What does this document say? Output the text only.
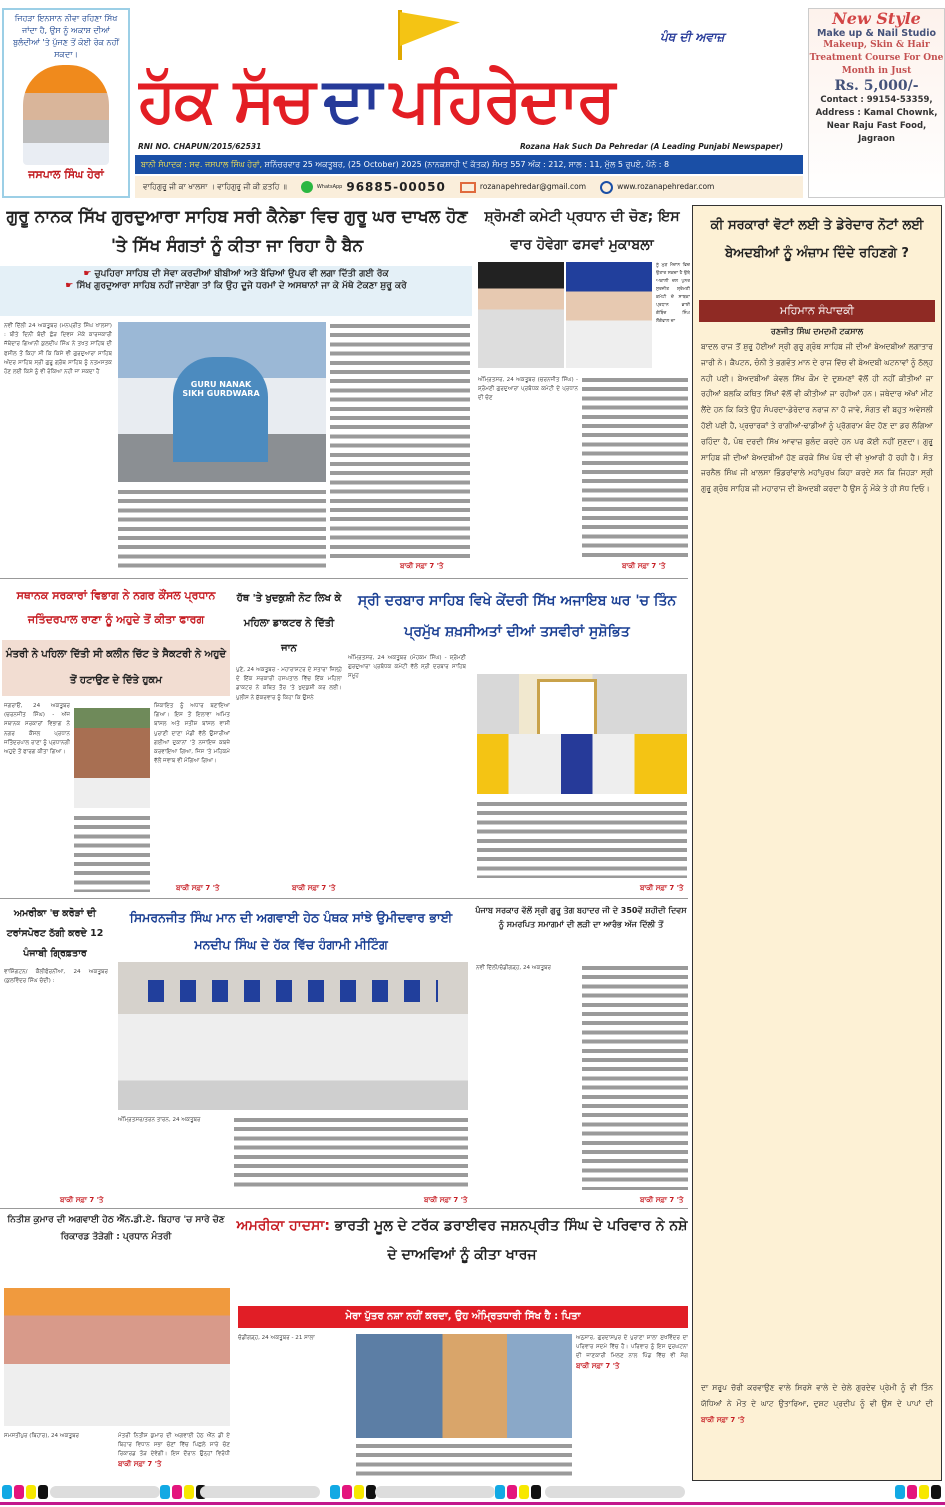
ਜਿਹੜਾ ਇਨਸਾਨ ਨੀਵਾ ਰਹਿਣਾ ਸਿੱਖ ਜਾਂਦਾ ਹੈ, ਉਸ ਨੂੰ ਅਕਾਸ਼ ਦੀਆਂ ਬੁਲੰਦੀਆਂ 'ਤੇ ਪੁੱਜਣ ਤੋਂ ਕੋਈ ਰੋਕ ਨਹੀਂ ਸਕਦਾ।
ਜਸਪਾਲ ਸਿੰਘ ਹੇਰਾਂ
ਹੱਕ ਸੱਚ ਦਾ ਪਹਿਰੇਦਾਰ
ਪੰਥ ਦੀ ਅਵਾਜ਼
RNI NO. CHAPUN/2015/62531	Rozana Hak Such Da Pehredar (A Leading Punjabi Newspaper)
ਬਾਨੀ ਸੰਪਾਦਕ : ਸਵ. ਜਸਪਾਲ ਸਿੰਘ ਹੇਰਾਂ, ਸ਼ਨਿੱਚਰਵਾਰ 25 ਅਕਤੂਬਰ, (25 October) 2025 (ਨਾਨਕਸ਼ਾਹੀ ੯ ਕੱਤਕ) ਸੰਮਤ 557 ਅੰਕ : 212, ਸਾਲ : 11, ਮੁੱਲ 5 ਰੁਪਏ, ਪੰਨੇ : 8
ਵਾਹਿਗੁਰੂ ਜੀ ਕਾ ਖਾਲਸਾ । ਵਾਹਿਗੁਰੂ ਜੀ ਕੀ ਫ਼ਤਹਿ ॥	WhatsApp 96885-00050	rozanapehredar@gmail.com	www.rozanapehredar.com
New Style
Make up & Nail Studio
Makeup, Skin & Hair Treatment Course For One Month in Just
Rs. 5,000/-
Contact : 99154-53359,
Address : Kamal Chownk, Near Raju Fast Food, Jagraon
ਗੁਰੂ ਨਾਨਕ ਸਿੱਖ ਗੁਰਦੁਆਰਾ ਸਾਹਿਬ ਸਰੀ ਕੈਨੇਡਾ ਵਿਚ ਗੁਰੂ ਘਰ ਦਾਖਲ ਹੋਣ 'ਤੇ ਸਿੱਖ ਸੰਗਤਾਂ ਨੂੰ ਕੀਤਾ ਜਾ ਰਿਹਾ ਹੈ ਬੈਨ
☛ ਚੁਪਹਿਰਾ ਸਾਹਿਬ ਦੀ ਸੇਵਾ ਕਰਦੀਆਂ ਬੀਬੀਆਂ ਅਤੇ ਬੱਚਿਆਂ ਉਪਰ ਵੀ ਲਗਾ ਦਿੱਤੀ ਗਈ ਰੋਕ
☛ ਸਿੱਖ ਗੁਰਦੁਆਰਾ ਸਾਹਿਬ ਨਹੀਂ ਜਾਏਗਾ ਤਾਂ ਕਿ ਉਹ ਦੂਜੇ ਧਰਮਾਂ ਦੇ ਅਸਥਾਨਾਂ ਜਾ ਕੇ ਮੱਥੇ ਟੇਕਣਾ ਸ਼ੁਰੂ ਕਰੇ
ਨਵੀਂ ਦਿੱਲੀ 24 ਅਕਤੂਬਰ (ਮਨਪ੍ਰੀਤ ਸਿੰਘ ਖਾਲਸਾ) : ਬੀਤੇ ਦਿਨੀਂ ਬੰਦੀ ਛੋੜ ਦਿਵਸ ਮੌਕੇ ਕਾਰਜਕਾਰੀ ਜੱਥੇਦਾਰ ਗਿਆਨੀ ਕੁਲਦੀਪ ਸਿੰਘ ਨੇ ਤਖਤ ਸਾਹਿਬ ਦੀ ਫਸੀਲ ਤੋਂ ਕਿਹਾ ਸੀ ਕਿ ਕਿਸੇ ਵੀ ਗੁਰਦੁਆਰਾ ਸਾਹਿਬ ਅੰਦਰ ਸਾਹਿਬ ਸ੍ਰੀ ਗੁਰੂ ਗ੍ਰੰਥ ਸਾਹਿਬ ਨੂੰ ਨਤਮਸਤਕ ਹੋਣ ਲਈ ਕਿਸੇ ਨੂੰ ਵੀ ਰੋਕਿਆ ਨਹੀ ਜਾ ਸਕਦਾ ਹੈ
GURU NANAK SIKH GURDWARA
ਬਾਕੀ ਸਫ਼ਾ 7 'ਤੇ
ਸ਼੍ਰੋਮਣੀ ਕਮੇਟੀ ਪ੍ਰਧਾਨ ਦੀ ਚੋਣ; ਇਸ ਵਾਰ ਹੋਵੇਗਾ ਫਸਵਾਂ ਮੁਕਾਬਲਾ
ਨੂੰ ਮੁੜ ਮੈਦਾਨ ਵਿਚ ਉਤਾਰ ਸਕਦਾ ਹੈ ਉਥੇ ਅਕਾਲੀ ਦਲ ਪੁਨਰ ਸੁਰਜੀਤ ਸ਼੍ਰੋਮਣੀ ਕਮੇਟੀ ਦੇ ਸਾਬਕਾ ਪ੍ਰਧਾਨ ਭਾਈ ਗੋਬਿੰਦ ਸਿੰਘ ਲੌਂਗੋਵਾਲ ਦਾ
ਅੰਮ੍ਰਿਤਸਰ, 24 ਅਕਤੂਬਰ (ਚਰਨਜੀਤ ਸਿੰਘ) - ਸ਼੍ਰੋਮਣੀ ਗੁਰਦੁਆਰਾ ਪ੍ਰਬੰਧਕ ਕਮੇਟੀ ਦੇ ਪ੍ਰਧਾਨ ਦੀ ਚੋਣ
ਬਾਕੀ ਸਫ਼ਾ 7 'ਤੇ
ਕੀ ਸਰਕਾਰਾਂ ਵੋਟਾਂ ਲਈ ਤੇ ਡੇਰੇਦਾਰ ਨੋਟਾਂ ਲਈ ਬੇਅਦਬੀਆਂ ਨੂੰ ਅੰਜ਼ਾਮ ਦਿੰਦੇ ਰਹਿਣਗੇ ?
ਮਹਿਮਾਨ ਸੰਪਾਦਕੀ
ਰਣਜੀਤ ਸਿੰਘ ਦਮਦਮੀ ਟਕਸਾਲ
ਬਾਦਲ ਰਾਜ ਤੋਂ ਸ਼ੁਰੂ ਹੋਈਆਂ ਸ੍ਰੀ ਗੁਰੂ ਗ੍ਰੰਥ ਸਾਹਿਬ ਜੀ ਦੀਆਂ ਬੇਅਦਬੀਆਂ ਲਗਾਤਾਰ ਜਾਰੀ ਨੇ। ਕੈਪਟਨ, ਚੰਨੀ ਤੇ ਭਗਵੰਤ ਮਾਨ ਦੇ ਰਾਜ ਵਿੱਚ ਵੀ ਬੇਅਦਬੀ ਘਟਨਾਵਾਂ ਨੂੰ ਠੱਲ੍ਹ ਨਹੀ ਪਈ। ਬੇਅਦਬੀਆਂ ਕੇਵਲ ਸਿੱਖ ਕੌਮ ਦੇ ਦੁਸ਼ਮਣਾਂ ਵੱਲੋਂ ਹੀ ਨਹੀਂ ਕੀਤੀਆਂ ਜਾ ਰਹੀਆਂ ਬਲਕਿ ਕਥਿਤ ਸਿੱਖਾਂ ਵੱਲੋਂ ਵੀ ਕੀਤੀਆਂ ਜਾ ਰਹੀਆਂ ਹਨ। ਜਥੇਦਾਰ ਅੱਖਾਂ ਮੀਟ ਲੈਂਦੇ ਹਨ ਕਿ ਕਿਤੇ ਉਹ ਸੰਪਰਦਾ-ਡੇਰੇਦਾਰ ਨਰਾਜ ਨਾ ਹੋ ਜਾਵੇ, ਸੰਗਤ ਵੀ ਬਹੁਤ ਅਵੇਸਲੀ ਹੋਈ ਪਈ ਹੈ, ਪ੍ਰਚਾਰਕਾਂ ਤੇ ਰਾਗੀਆਂ-ਢਾਡੀਆਂ ਨੂੰ ਪ੍ਰੋਗਰਾਮ ਬੰਦ ਹੋਣ ਦਾ ਡਰ ਲੱਗਿਆ ਰਹਿੰਦਾ ਹੈ, ਪੰਥ ਦਰਦੀ ਸਿੱਖ ਆਵਾਜ਼ ਬੁਲੰਦ ਕਰਦੇ ਹਨ ਪਰ ਕੋਈ ਨਹੀਂ ਸੁਣਦਾ। ਗੁਰੂ ਸਾਹਿਬ ਜੀ ਦੀਆਂ ਬੇਅਦਬੀਆਂ ਹੋਣ ਕਰਕੇ ਸਿੱਖ ਪੰਥ ਦੀ ਵੀ ਖੁਆਰੀ ਹੋ ਰਹੀ ਹੈ। ਸੰਤ ਜਰਨੈਲ ਸਿੰਘ ਜੀ ਖ਼ਾਲਸਾ ਭਿੰਡਰਾਂਵਾਲੇ ਮਹਾਂਪੁਰਖ ਕਿਹਾ ਕਰਦੇ ਸਨ ਕਿ ਜਿਹੜਾ ਸ੍ਰੀ ਗੁਰੂ ਗ੍ਰੰਥ ਸਾਹਿਬ ਜੀ ਮਹਾਰਾਜ ਦੀ ਬੇਅਦਬੀ ਕਰਦਾ ਹੈ ਉਸ ਨੂੰ ਮੌਕੇ ਤੇ ਹੀ ਸੋਧ ਦਿਓ।
ਦਾ ਸਰੂਪ ਚੋਰੀ ਕਰਵਾਉਣ ਵਾਲੇ ਸਿਰਸੇ ਵਾਲੇ ਦੇ ਚੇਲੇ ਗੁਰਦੇਵ ਪ੍ਰੇਮੀ ਨੂੰ ਵੀ ਤਿੰਨ ਯੋਧਿਆਂ ਨੇ ਮੌਤ ਦੇ ਘਾਟ ਉਤਾਰਿਆ, ਦੁਸ਼ਟ ਪ੍ਰਦੀਪ ਨੂੰ ਵੀ ਉਸ ਦੇ ਪਾਪਾਂ ਦੀ ਬਾਕੀ ਸਫ਼ਾ 7 'ਤੇ
ਸਥਾਨਕ ਸਰਕਾਰਾਂ ਵਿਭਾਗ ਨੇ ਨਗਰ ਕੌਂਸਲ ਪ੍ਰਧਾਨ ਜਤਿੰਦਰਪਾਲ ਰਾਣਾ ਨੂੰ ਅਹੁਦੇ ਤੋਂ ਕੀਤਾ ਫਾਰਗ
ਮੰਤਰੀ ਨੇ ਪਹਿਲਾ ਦਿੱਤੀ ਸੀ ਕਲੀਨ ਚਿੱਟ ਤੇ ਸੈਕਟਰੀ ਨੇ ਅਹੁਦੇ ਤੋਂ ਹਟਾਉਣ ਦੇ ਦਿੱਤੇ ਹੁਕਮ
ਜਗਰਾਓਂ, 24 ਅਕਤੂਬਰ (ਚਰਨਜੀਤ ਸਿੰਘ) - ਅੱਜ ਸਥਾਨਕ ਸਰਕਾਰਾਂ ਵਿਭਾਗ ਨੇ ਨਗਰ ਕੌਂਸਲ ਪ੍ਰਧਾਨ ਜਤਿੰਦਰਪਾਲ ਰਾਣਾ ਨੂੰ ਪ੍ਰਧਾਨਗੀ ਅਹੁਦੇ ਤੋਂ ਫਾਰਗ ਕੀਤਾ ਗਿਆ।
ਸ਼ਿਕਾਇਤ ਨੂੰ ਅਧਾਰ ਬਣਾਇਆ ਗਿਆ। ਇਸ ਤੋਂ ਇਲਾਵਾ ਅਮਿਤ ਬਾਂਸਲ ਅਤੇ ਸਤੀਸ਼ ਬਾਂਸਲ ਵਾਸੀ ਪੁਰਾਣੀ ਦਾਣਾ ਮੰਡੀ ਵੱਲੋਂ ਉਸਾਰੀਆਂ ਗਈਆਂ ਦੁਕਾਨਾਂ 'ਤੇ ਨਜਾਇਜ਼ ਕਬਜ਼ੇ ਕਰਵਾਇਆ ਗਿਆ, ਜਿਸ 'ਤੇ ਮਹਿਕਮੇ ਵੱਲੋਂ ਜਵਾਬ ਵੀ ਮੰਗਿਆ ਗਿਆ।
ਬਾਕੀ ਸਫ਼ਾ 7 'ਤੇ
ਹੱਥ 'ਤੇ ਖੁਦਕੁਸ਼ੀ ਨੋਟ ਲਿਖ ਕੇ ਮਹਿਲਾ ਡਾਕਟਰ ਨੇ ਦਿੱਤੀ ਜਾਨ
ਪੁਣੇ, 24 ਅਕਤੂਬਰ - ਮਹਾਰਾਸ਼ਟਰ ਦੇ ਸਤਾਰਾ ਜ਼ਿਲ੍ਹੇ ਦੇ ਇੱਕ ਸਰਕਾਰੀ ਹਸਪਤਾਲ ਵਿੱਚ ਇੱਕ ਮਹਿਲਾ ਡਾਕਟਰ ਨੇ ਕਥਿਤ ਤੌਰ 'ਤੇ ਖੁਦਕੁਸ਼ੀ ਕਰ ਲਈ। ਪੁਲੀਸ ਨੇ ਸ਼ੁੱਕਰਵਾਰ ਨੂੰ ਕਿਹਾ ਕਿ ਉਸਨੇ
ਬਾਕੀ ਸਫ਼ਾ 7 'ਤੇ
ਸ੍ਰੀ ਦਰਬਾਰ ਸਾਹਿਬ ਵਿਖੇ ਕੇਂਦਰੀ ਸਿੱਖ ਅਜਾਇਬ ਘਰ 'ਚ ਤਿੰਨ ਪ੍ਰਮੁੱਖ ਸ਼ਖ਼ਸੀਅਤਾਂ ਦੀਆਂ ਤਸਵੀਰਾਂ ਸੁਸ਼ੋਭਿਤ
ਅੰਮ੍ਰਿਤਸਰ, 24 ਅਕਤੂਬਰ (ਮੋਹਕਮ ਸਿੰਘ) - ਸ਼੍ਰੋਮਣੀ ਗੁਰਦੁਆਰਾ ਪ੍ਰਬੰਧਕ ਕਮੇਟੀ ਵੱਲੋਂ ਸ੍ਰੀ ਦਰਬਾਰ ਸਾਹਿਬ ਸਮੂਹ
ਬਾਕੀ ਸਫ਼ਾ 7 'ਤੇ
ਅਮਰੀਕਾ 'ਚ ਕਰੋੜਾਂ ਦੀ ਟਰਾਂਸਪੋਰਟ ਠੱਗੀ ਕਰਦੇ 12 ਪੰਜਾਬੀ ਗ੍ਰਿਫ਼ਤਾਰ
ਵਾਸ਼ਿੰਗਟਨ/ ਕੈਲੀਫੋਰਨੀਆ, 24 ਅਕਤੂਬਰ (ਕੁਲਵਿੰਦਰ ਸਿੰਘ ਚੰਦੀ) :
ਬਾਕੀ ਸਫ਼ਾ 7 'ਤੇ
ਸਿਮਰਨਜੀਤ ਸਿੰਘ ਮਾਨ ਦੀ ਅਗਵਾਈ ਹੇਠ ਪੰਥਕ ਸਾਂਝੇ ਉਮੀਦਵਾਰ ਭਾਈ ਮਨਦੀਪ ਸਿੰਘ ਦੇ ਹੱਕ ਵਿੱਚ ਹੰਗਾਮੀ ਮੀਟਿੰਗ
ਅੰਮ੍ਰਿਤਸਰ/ਤਰਨ ਤਾਰਨ, 24 ਅਕਤੂਬਰ
ਬਾਕੀ ਸਫ਼ਾ 7 'ਤੇ
ਪੰਜਾਬ ਸਰਕਾਰ ਵੱਲੋਂ ਸ੍ਰੀ ਗੁਰੂ ਤੇਗ ਬਹਾਦਰ ਜੀ ਦੇ 350ਵੇਂ ਸ਼ਹੀਦੀ ਦਿਵਸ ਨੂੰ ਸਮਰਪਿਤ ਸਮਾਗਮਾਂ ਦੀ ਲੜੀ ਦਾ ਆਰੰਭ ਅੱਜ ਦਿੱਲੀ ਤੋਂ
ਨਵੀਂ ਦਿੱਲੀ/ਚੰਡੀਗੜ੍ਹ, 24 ਅਕਤੂਬਰ
ਬਾਕੀ ਸਫ਼ਾ 7 'ਤੇ
ਨਿਤੀਸ਼ ਕੁਮਾਰ ਦੀ ਅਗਵਾਈ ਹੇਠ ਐੱਨ.ਡੀ.ਏ. ਬਿਹਾਰ 'ਚ ਸਾਰੇ ਚੋਣ ਰਿਕਾਰਡ ਤੋੜੇਗੀ : ਪ੍ਰਧਾਨ ਮੰਤਰੀ
ਸਮਸਤੀਪੁਰ (ਬਿਹਾਰ), 24 ਅਕਤੂਬਰ	ਮੰਤਰੀ ਨਿਤੀਸ਼ ਕੁਮਾਰ ਦੀ ਅਗਵਾਈ ਹੇਠ ਐੱਨ ਡੀ ਏ ਬਿਹਾਰ ਵਿਧਾਨ ਸਭਾ ਚੋਣਾਂ ਵਿੱਚ ਪਿਛਲੇ ਸਾਰੇ ਚੋਣ ਰਿਕਾਰਡ ਤੋੜ ਦੇਵੇਗੀ। ਇਸ ਦੌਰਾਨ ਉਨ੍ਹਾਂ ਵਿਰੋਧੀ ਬਾਕੀ ਸਫ਼ਾ 7 'ਤੇ
ਅਮਰੀਕਾ ਹਾਦਸਾ: ਭਾਰਤੀ ਮੂਲ ਦੇ ਟਰੱਕ ਡਰਾਈਵਰ ਜਸ਼ਨਪ੍ਰੀਤ ਸਿੰਘ ਦੇ ਪਰਿਵਾਰ ਨੇ ਨਸ਼ੇ ਦੇ ਦਾਅਵਿਆਂ ਨੂੰ ਕੀਤਾ ਖਾਰਜ
ਮੇਰਾ ਪੁੱਤਰ ਨਸ਼ਾ ਨਹੀਂ ਕਰਦਾ, ਉਹ ਅੰਮ੍ਰਿਤਧਾਰੀ ਸਿੱਖ ਹੈ : ਪਿਤਾ
ਚੰਡੀਗੜ੍ਹ, 24 ਅਕਤੂਬਰ - 21 ਸਾਲਾ	ਅਨੁਸਾਰ, ਗੁਰਦਾਸਪੁਰ ਦੇ ਪੁਰਾਣਾ ਸ਼ਾਲਾ ਸੁਖਵਿੰਦਰ ਦਾ ਪਰਿਵਾਰ ਸਦਮੇ ਵਿੱਚ ਹੈ। ਪਰਿਵਾਰ ਨੂੰ ਇਸ ਦੁਰਘਟਨਾ ਦੀ ਜਾਣਕਾਰੀ ਮਿਲਣ ਨਾਲ ਪਿੰਡ ਵਿੱਚ ਵੀ ਸੋਗ ਬਾਕੀ ਸਫ਼ਾ 7 'ਤੇ
